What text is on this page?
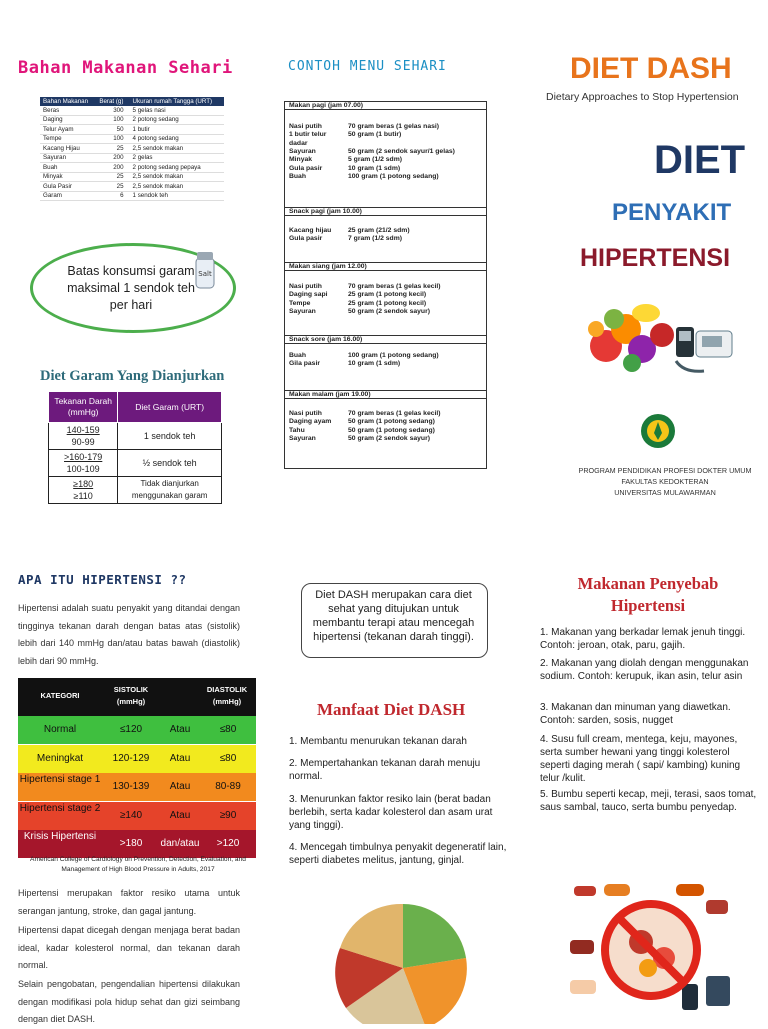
Bahan Makanan Sehari
Bahan Makanan	Berat (g)	Ukuran rumah Tangga (URT)
Beras	300	5 gelas nasi
Daging	100	2 potong sedang
Telur Ayam	50	1 butir
Tempe	100	4 potong sedang
Kacang Hijau	25	2,5 sendok makan
Sayuran	200	2 gelas
Buah	200	2 potong sedang pepaya
Minyak	25	2,5 sendok makan
Gula Pasir	25	2,5 sendok makan
Garam	6	1 sendok teh
Batas konsumsi garam maksimal 1 sendok teh per hari
Salt
Diet Garam Yang Dianjurkan
Tekanan Darah (mmHg)	Diet Garam (URT)

140-159
90-99	1 sendok teh

>160-179
100-109	½ sendok teh

≥180
≥110	Tidak dianjurkan menggunakan garam
CONTOH MENU SEHARI
Makan pagi (jam 07.00)
Nasi putih	70 gram beras (1 gelas nasi)
1 butir telur	50 gram (1 butir)
dadar
Sayuran	50 gram (2 sendok sayur/1 gelas)
Minyak	5 gram (1/2 sdm)
Gula pasir	10 gram (1 sdm)
Buah	100 gram (1 potong sedang)
Snack pagi (jam 10.00)
Kacang hijau 25 gram (21/2 sdm)
Gula pasir	7 gram (1/2 sdm)
Makan siang (jam 12.00)
Nasi putih	70 gram beras (1 gelas kecil)
Daging sapi	25 gram (1 potong kecil)
Tempe	25 gram (1 potong kecil)
Sayuran	50 gram (2 sendok sayur)
Snack sore (jam 16.00)
Buah	100 gram (1 potong sedang)
Gila pasir	10 gram (1 sdm)
Makan malam (jam 19.00)
Nasi putih	70 gram beras (1 gelas kecil)
Daging ayam 50 gram (1 potong sedang)
Tahu	50 gram (1 potong sedang)
Sayuran	50 gram (2 sendok sayur)
DIET DASH
Dietary Approaches to Stop Hypertension
DIET
PENYAKIT
HIPERTENSI
PROGRAM PENDIDIKAN PROFESI DOKTER UMUM
FAKULTAS KEDOKTERAN
UNIVERSITAS MULAWARMAN
APA ITU HIPERTENSI ??
Hipertensi adalah suatu penyakit yang ditandai dengan tingginya tekanan darah dengan batas atas (sistolik) lebih dari 140 mmHg dan/atau batas bawah (diastolik) lebih dari 90 mmHg.
KATEGORI
SISTOLIK (mmHg)
DIASTOLIK (mmHg)
Normal	≤120	Atau	≤80
Meningkat	120-129	Atau	≤80
Hipertensi stage 1
130-139	Atau	80-89
Hipertensi stage 2
≥140	Atau	≥90
Krisis Hipertensi
>180	dan/atau	>120
American College of Cardiology on Prevention, Detection, Evaluation, and Management of High Blood Pressure in Adults, 2017
Hipertensi merupakan faktor resiko utama untuk serangan jantung, stroke, dan gagal jantung.
Hipertensi dapat dicegah dengan menjaga berat badan ideal, kadar kolesterol normal, dan tekanan darah normal.
Selain pengobatan, pengendalian hipertensi dilakukan dengan modifikasi pola hidup sehat dan gizi seimbang dengan diet DASH.
Diet DASH merupakan cara diet sehat yang ditujukan untuk membantu terapi atau mencegah hipertensi (tekanan darah tinggi).
Manfaat Diet DASH
1. Membantu menurukan tekanan darah
2. Mempertahankan tekanan darah menuju normal.
3. Menurunkan faktor resiko lain (berat badan berlebih, serta kadar kolesterol dan asam urat yang tinggi).
4. Mencegah timbulnya penyakit degeneratif lain, seperti diabetes melitus, jantung, ginjal.
Makanan Penyebab Hipertensi
1. Makanan yang berkadar lemak jenuh tinggi. Contoh: jeroan, otak, paru, gajih.
2. Makanan yang diolah dengan menggunakan sodium. Contoh: kerupuk, ikan asin, telur asin
3. Makanan dan minuman yang diawetkan. Contoh: sarden, sosis, nugget
4. Susu full cream, mentega, keju, mayones, serta sumber hewani yang tinggi kolesterol seperti daging merah ( sapi/ kambing) kuning telur /kulit.
5. Bumbu seperti kecap, meji, terasi, saos tomat, saus sambal, tauco, serta bumbu penyedap.
